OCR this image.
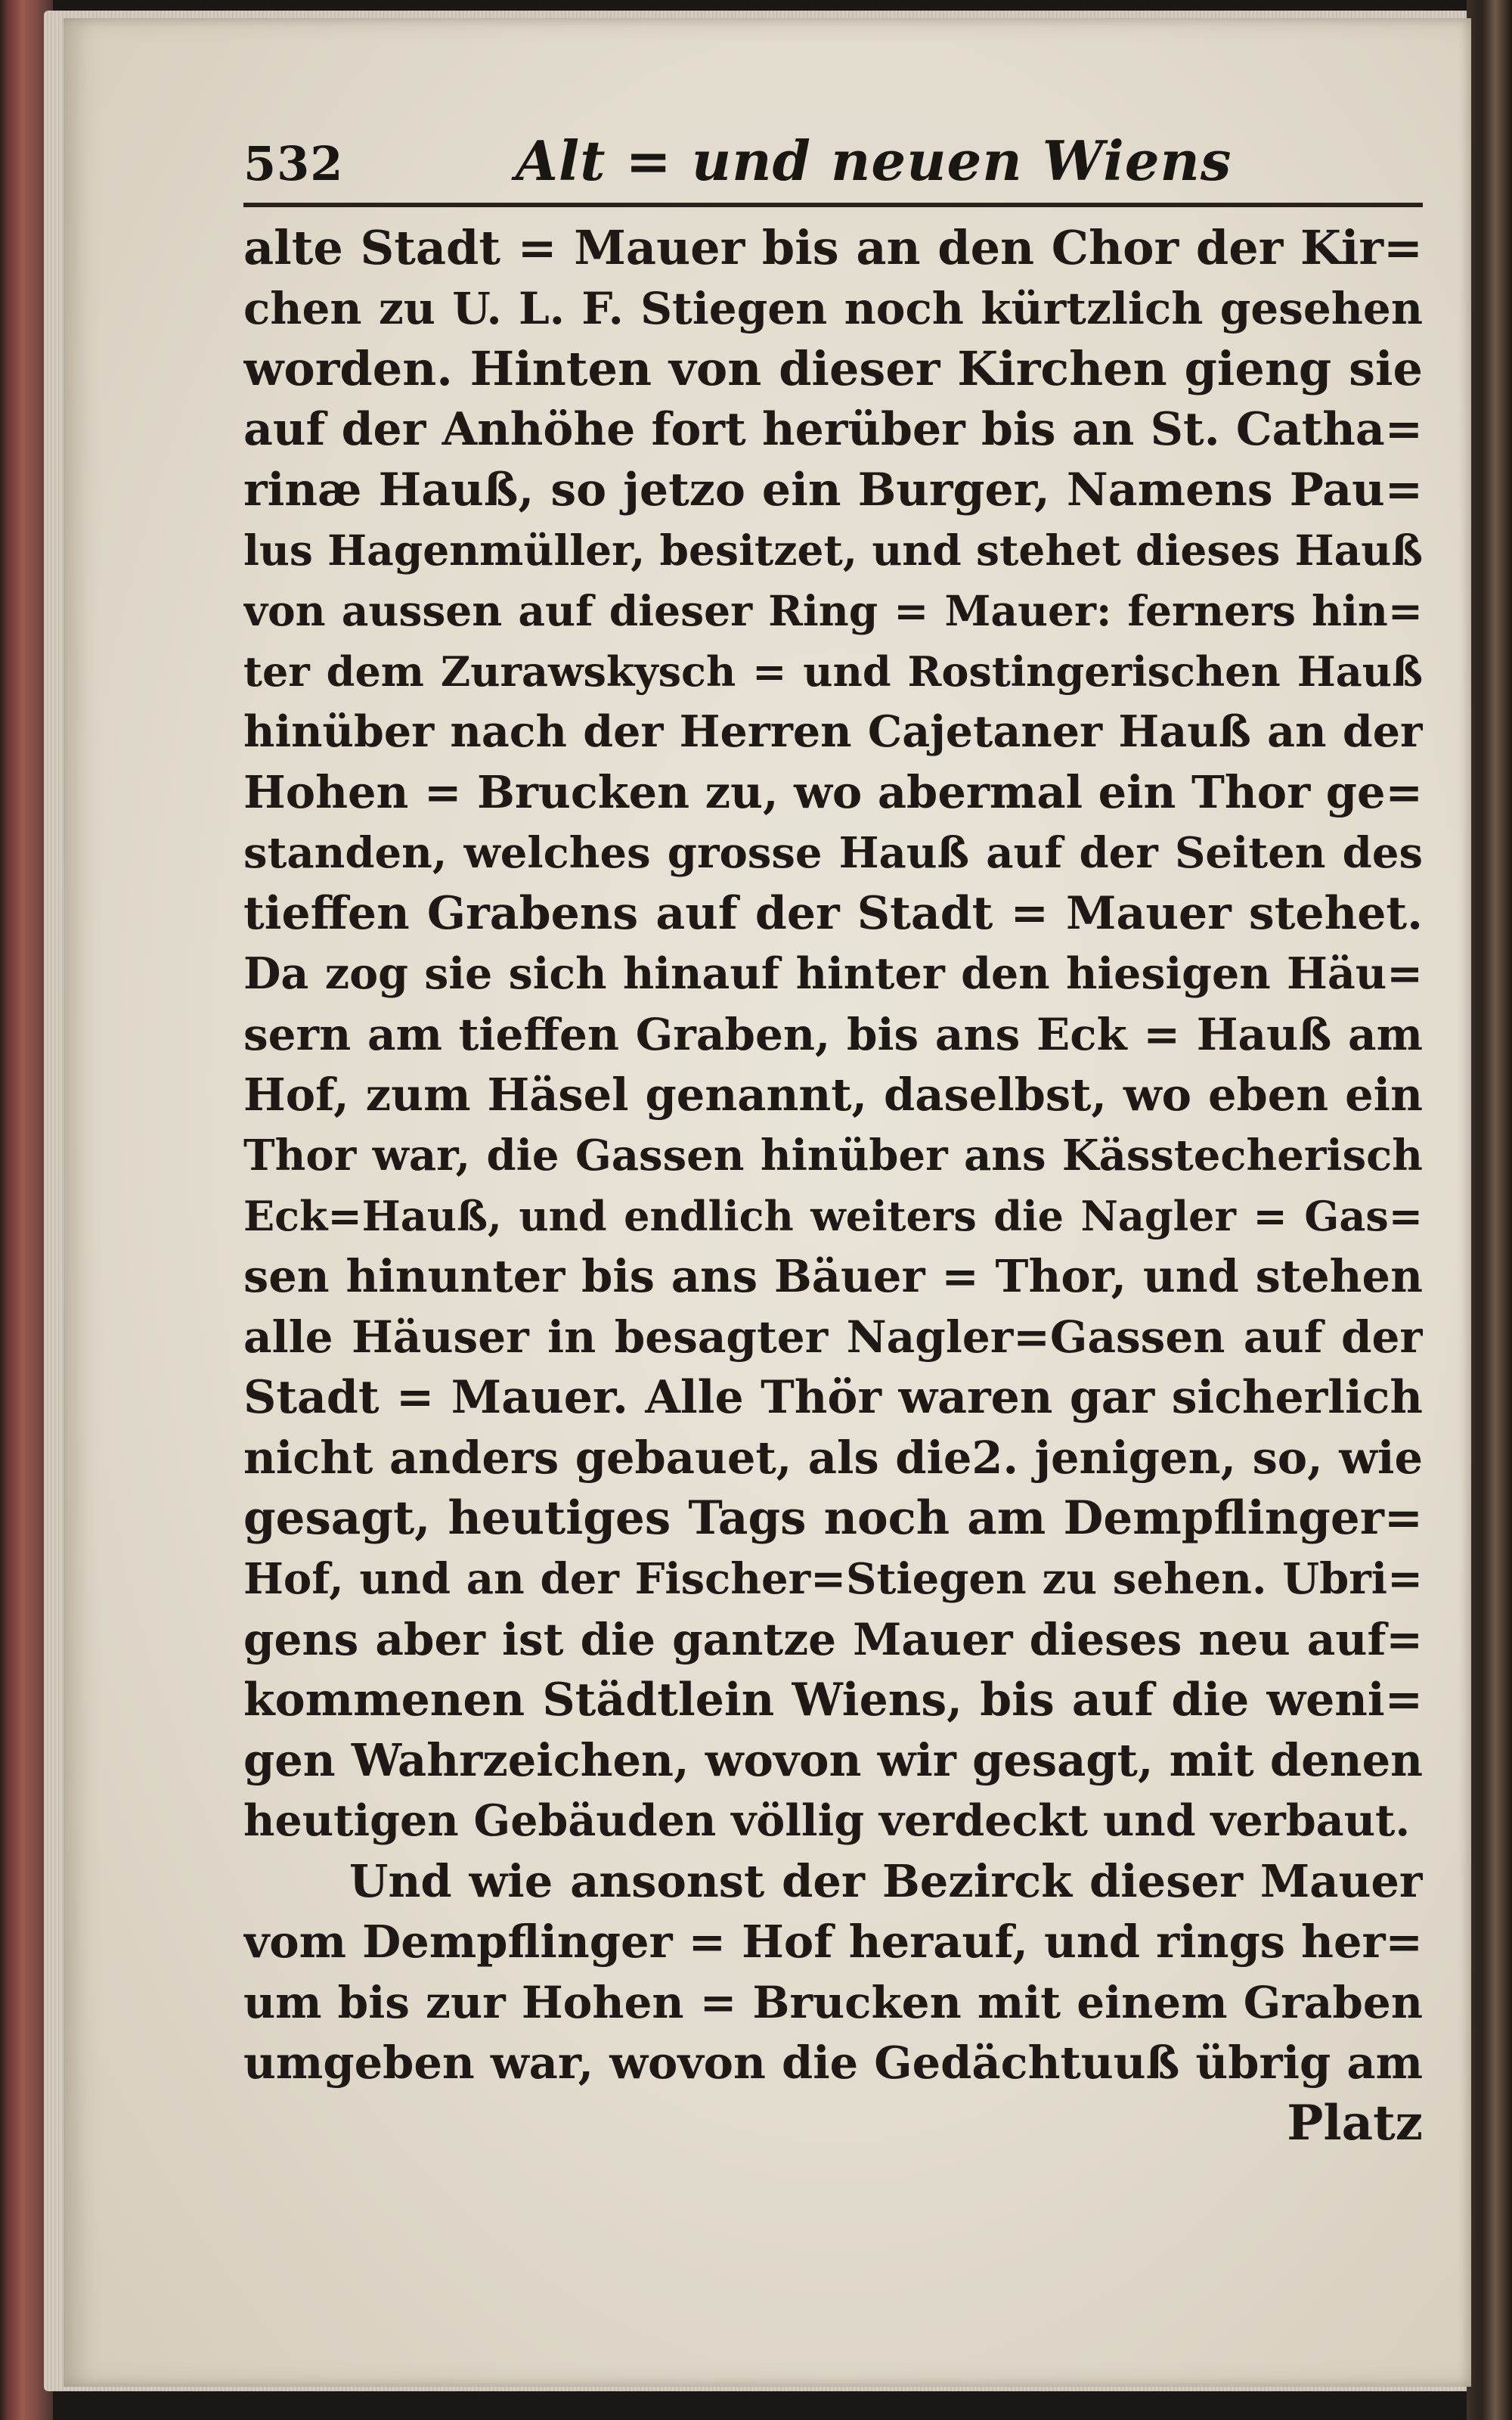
532	Alt = und neuen Wiens
alte Stadt = Mauer bis an den Chor der Kir=
chen zu U. L. F. Stiegen noch kürtzlich gesehen
worden. Hinten von dieser Kirchen gieng sie
auf der Anhöhe fort herüber bis an St. Catha=
rinæ Hauß, so jetzo ein Burger, Namens Pau=
lus Hagenmüller, besitzet, und stehet dieses Hauß
von aussen auf dieser Ring = Mauer: ferners hin=
ter dem Zurawskysch = und Rostingerischen Hauß
hinüber nach der Herren Cajetaner Hauß an der
Hohen = Brucken zu, wo abermal ein Thor ge=
standen, welches grosse Hauß auf der Seiten des
tieffen Grabens auf der Stadt = Mauer stehet.
Da zog sie sich hinauf hinter den hiesigen Häu=
sern am tieffen Graben, bis ans Eck = Hauß am
Hof, zum Häsel genannt, daselbst, wo eben ein
Thor war, die Gassen hinüber ans Kässtecherisch
Eck=Hauß, und endlich weiters die Nagler = Gas=
sen hinunter bis ans Bäuer = Thor, und stehen
alle Häuser in besagter Nagler=Gassen auf der
Stadt = Mauer. Alle Thör waren gar sicherlich
nicht anders gebauet, als die2. jenigen, so, wie
gesagt, heutiges Tags noch am Dempflinger=
Hof, und an der Fischer=Stiegen zu sehen. Ubri=
gens aber ist die gantze Mauer dieses neu auf=
kommenen Städtlein Wiens, bis auf die weni=
gen Wahrzeichen, wovon wir gesagt, mit denen
heutigen Gebäuden völlig verdeckt und verbaut.
Und wie ansonst der Bezirck dieser Mauer
vom Dempflinger = Hof herauf, und rings her=
um bis zur Hohen = Brucken mit einem Graben
umgeben war, wovon die Gedächtuuß übrig am
Platz
